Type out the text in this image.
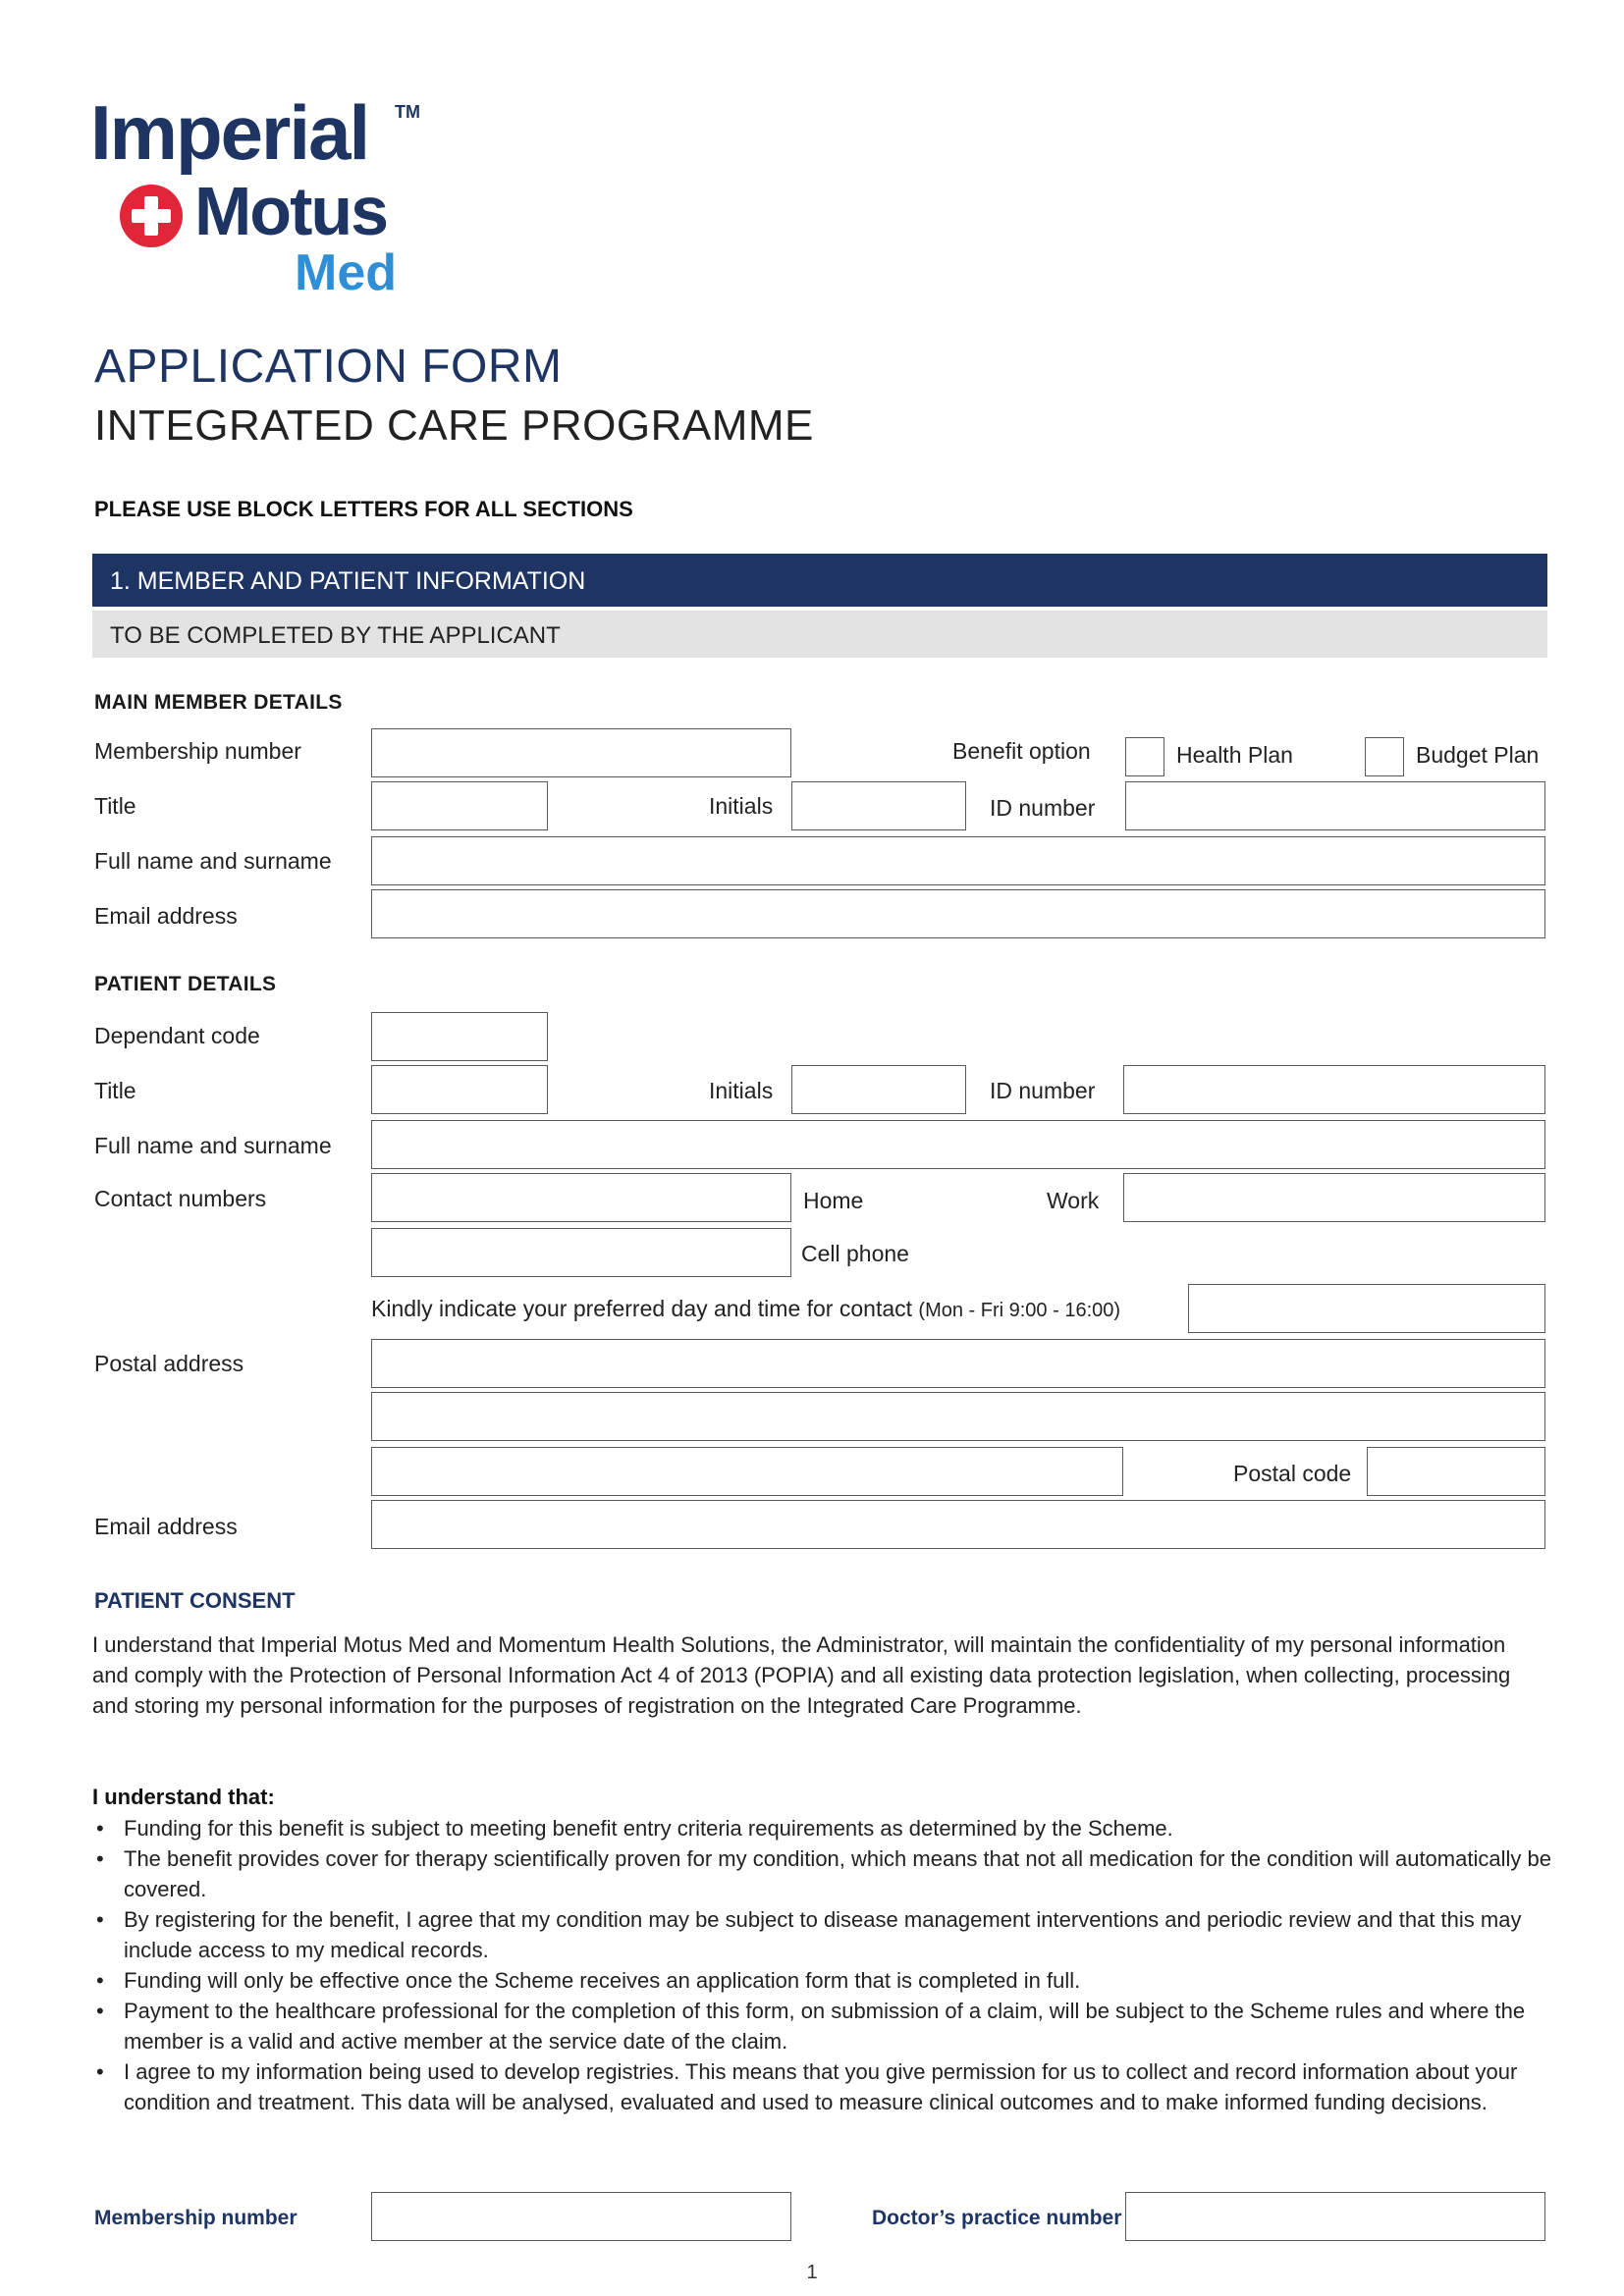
Imperial TM
Motus
Med
APPLICATION FORM
INTEGRATED CARE PROGRAMME
PLEASE USE BLOCK LETTERS FOR ALL SECTIONS
1. MEMBER AND PATIENT INFORMATION
TO BE COMPLETED BY THE APPLICANT
MAIN MEMBER DETAILS
Membership number	Benefit option	Health Plan	Budget Plan
Title	Initials	ID number
Full name and surname
Email address
PATIENT DETAILS
Dependant code
Title	Initials	ID number
Full name and surname
Contact numbers	Home	Work
Cell phone
Kindly indicate your preferred day and time for contact (Mon - Fri 9:00 - 16:00)
Postal address
Postal code
Email address
PATIENT CONSENT
I understand that Imperial Motus Med and Momentum Health Solutions, the Administrator, will maintain the confidentiality of my personal information and comply with the Protection of Personal Information Act 4 of 2013 (POPIA) and all existing data protection legislation, when collecting, processing and storing my personal information for the purposes of registration on the Integrated Care Programme.
I understand that:
• Funding for this benefit is subject to meeting benefit entry criteria requirements as determined by the Scheme.
• The benefit provides cover for therapy scientifically proven for my condition, which means that not all medication for the condition will automatically be covered.
• By registering for the benefit, I agree that my condition may be subject to disease management interventions and periodic review and that this may include access to my medical records.
• Funding will only be effective once the Scheme receives an application form that is completed in full.
• Payment to the healthcare professional for the completion of this form, on submission of a claim, will be subject to the Scheme rules and where the member is a valid and active member at the service date of the claim.
• I agree to my information being used to develop registries. This means that you give permission for us to collect and record information about your condition and treatment. This data will be analysed, evaluated and used to measure clinical outcomes and to make informed funding decisions.
Membership number	Doctor’s practice number
1
